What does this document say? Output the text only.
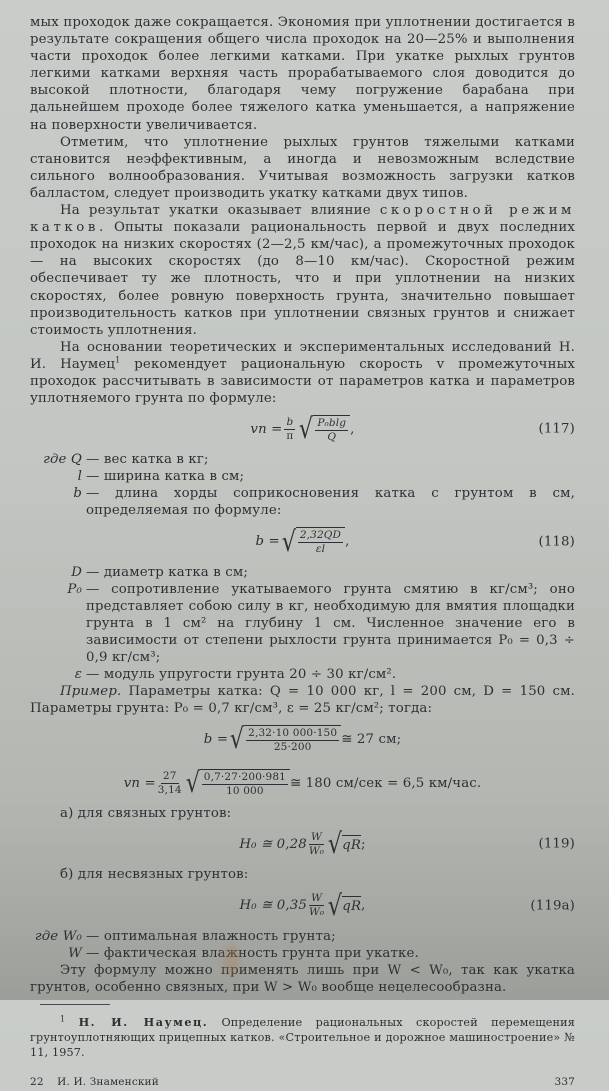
мых проходок даже сокращается. Экономия при уплотнении достигается в результате сокращения общего числа проходок на 20—25% и выполнения части проходок более легкими катками. При укатке рыхлых грунтов легкими катками верхняя часть прорабатываемого слоя доводится до высокой плотности, благодаря чему погружение барабана при дальнейшем проходе более тяжелого катка уменьшается, а напряжение на поверхности увеличивается.

Отметим, что уплотнение рыхлых грунтов тяжелыми катками становится неэффективным, а иногда и невозможным вследствие сильного волнообразования. Учитывая возможность загрузки катков балластом, следует производить укатку катками двух типов.

На результат укатки оказывает влияние скоростной режим катков. Опыты показали рациональность первой и двух последних проходок на низких скоростях (2—2,5 км/час), а промежуточных проходок— на высоких скоростях (до 8—10 км/час). Скоростной режим обеспечивает ту же плотность, что и при уплотнении на низких скоростях, более ровную поверхность грунта, значительно повышает производительность катков при уплотнении связных грунтов и снижает стоимость уплотнения.

На основании теоретических и экспериментальных исследований Н. И. Наумец$^1$ рекомендует рациональную скорость v промежуточных проходок рассчитывать в зависимости от параметров катка и параметров уплотняемого грунта по формуле:

vп = $\frac{b}{\pi}$ √ $\frac{\text{P₀blg}}{Q}$ ,	(117)
где Q — вес катка в кг;
l — ширина катка в см;
b — длина хорды соприкосновения катка с грунтом в см, определяемая по формуле:
b = √ $\frac{2,32QD}{\varepsilon l}$ ,	(118)
D — диаметр катка в см;
P₀ — сопротивление укатываемого грунта смятию в кг/см³; оно представляет собою силу в кг, необходимую для вмятия площадки грунта в 1 см² на глубину 1 см. Численное значение его в зависимости от степени рыхлости грунта принимается P₀ = 0,3 ÷ 0,9 кг/см³;
ε — модуль упругости грунта 20 ÷ 30 кг/см².

Пример. Параметры катка: Q = 10 000 кг, l = 200 см, D = 150 см. Параметры грунта: P₀ = 0,7 кг/см³, ε = 25 кг/см²; тогда:

b = √ $\frac{2,32\cdot 10 000\cdot 150}{25\cdot 200}$ ≅ 27 см;
vп = $\frac{27}{3,14}$ √ $\frac{0,7\cdot 27\cdot 200\cdot 981}{10 000}$ ≅ 180 см/сек = 6,5 км/час.

а) для связных грунтов:

H₀ ≅ $0,28 \frac{W}{\text{W₀}}$ √ qR ;	(119)

б) для несвязных грунтов:

H₀ ≅ $0,35 \frac{W}{\text{W₀}}$ √ qR ,	(119а)
где W₀ — оптимальная влажность грунта;
W — фактическая влажность грунта при укатке.

Эту формулу можно применять лишь при W < W₀, так как укатка грунтов, особенно связных, при W > W₀ вообще нецелесообразна.

$^1$ Н. И. Наумец. Определение рациональных скоростей перемещения грунтоуплотняющих прицепных катков. «Строительное и дорожное машиностроение» № 11, 1957.

22 И. И. Знаменский	337
